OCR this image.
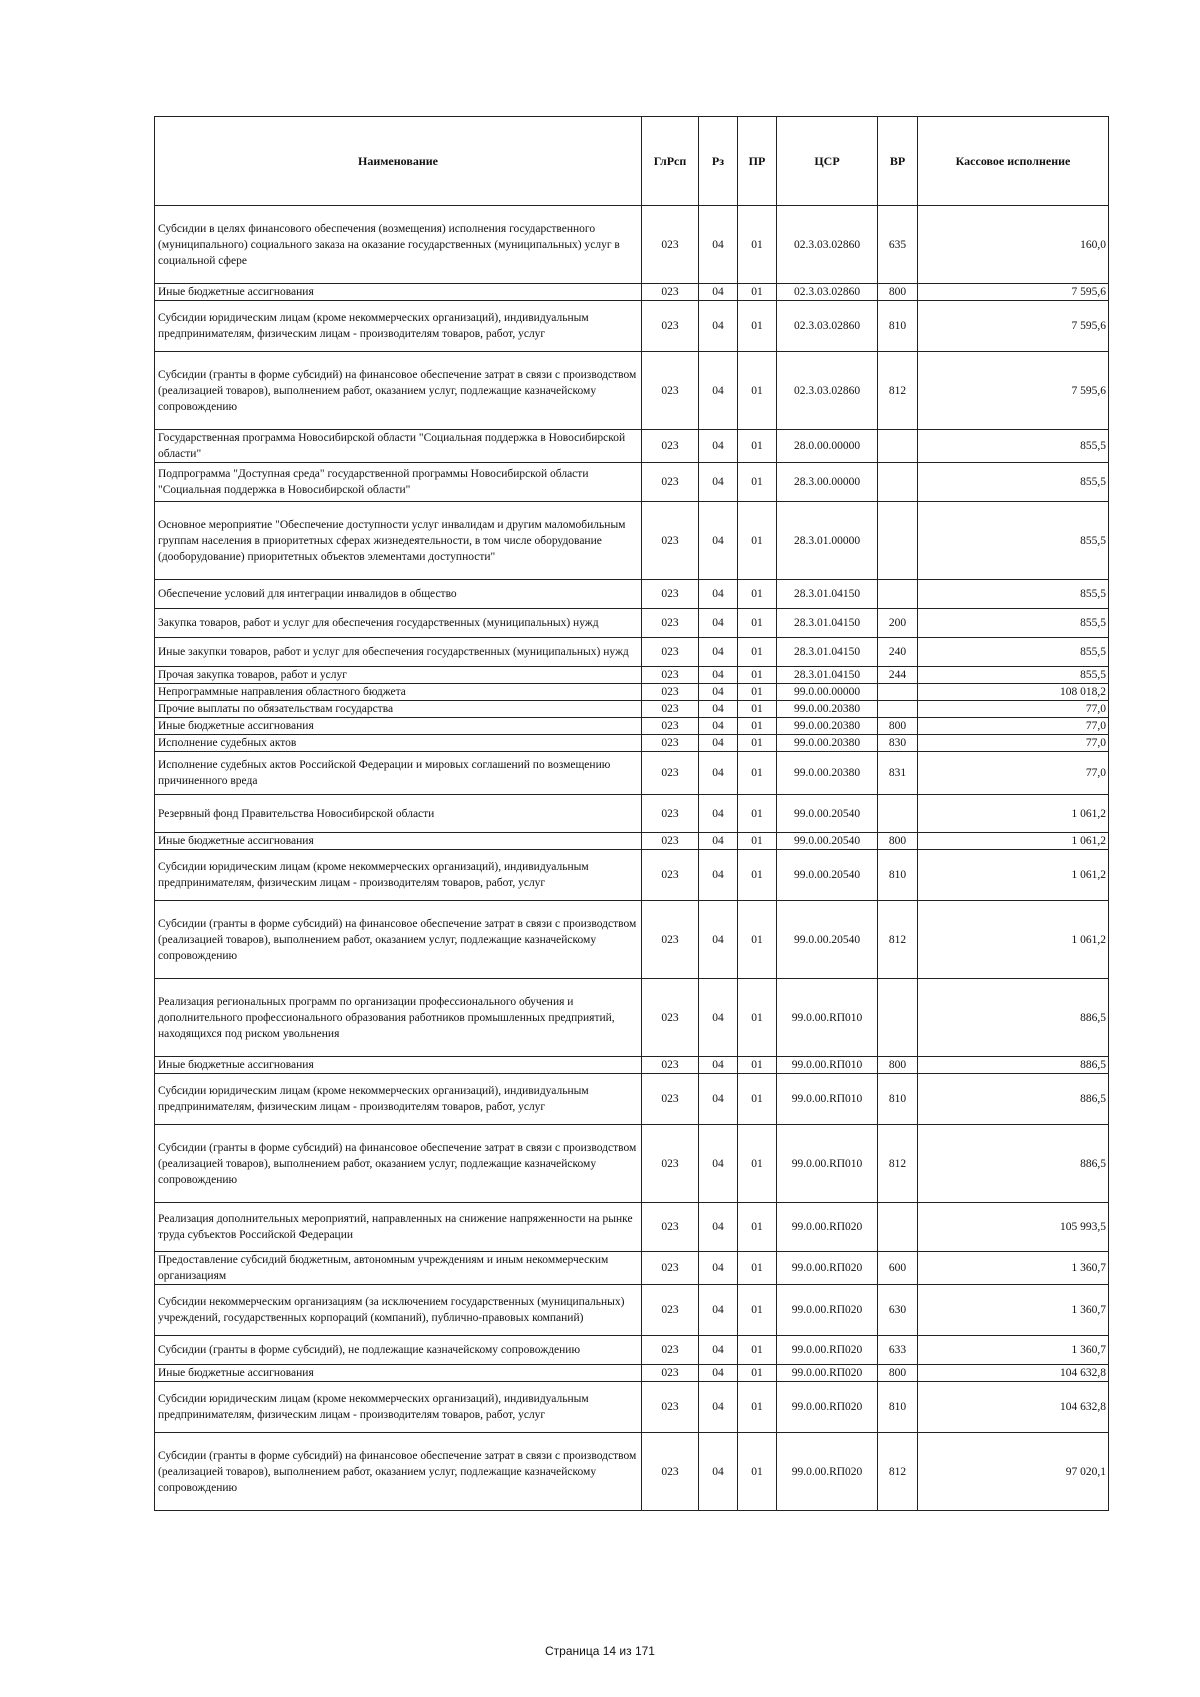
Наименование	ГлРсп	Рз	ПР	ЦСР	ВР	Кассовое исполнение
Субсидии в целях финансового обеспечения (возмещения) исполнения государственного (муниципального) социального заказа на оказание государственных (муниципальных) услуг в социальной сфере	023	04	01	02.3.03.02860	635	160,0
Иные бюджетные ассигнования	023	04	01	02.3.03.02860	800	7 595,6
Субсидии юридическим лицам (кроме некоммерческих организаций), индивидуальным предпринимателям, физическим лицам - производителям товаров, работ, услуг	023	04	01	02.3.03.02860	810	7 595,6
Субсидии (гранты в форме субсидий) на финансовое обеспечение затрат в связи с производством (реализацией товаров), выполнением работ, оказанием услуг, подлежащие казначейскому сопровождению	023	04	01	02.3.03.02860	812	7 595,6
Государственная программа Новосибирской области "Социальная поддержка в Новосибирской области"	023	04	01	28.0.00.00000		855,5
Подпрограмма "Доступная среда" государственной программы Новосибирской области "Социальная поддержка в Новосибирской области"	023	04	01	28.3.00.00000		855,5
Основное мероприятие "Обеспечение доступности услуг инвалидам и другим маломобильным группам населения в приоритетных сферах жизнедеятельности, в том числе оборудование (дооборудование) приоритетных объектов элементами доступности"	023	04	01	28.3.01.00000		855,5
Обеспечение условий для интеграции инвалидов в общество	023	04	01	28.3.01.04150		855,5
Закупка товаров, работ и услуг для обеспечения государственных (муниципальных) нужд	023	04	01	28.3.01.04150	200	855,5
Иные закупки товаров, работ и услуг для обеспечения государственных (муниципальных) нужд	023	04	01	28.3.01.04150	240	855,5
Прочая закупка товаров, работ и услуг	023	04	01	28.3.01.04150	244	855,5
Непрограммные направления областного бюджета	023	04	01	99.0.00.00000		108 018,2
Прочие выплаты по обязательствам государства	023	04	01	99.0.00.20380		77,0
Иные бюджетные ассигнования	023	04	01	99.0.00.20380	800	77,0
Исполнение судебных актов	023	04	01	99.0.00.20380	830	77,0
Исполнение судебных актов Российской Федерации и мировых соглашений по возмещению причиненного вреда	023	04	01	99.0.00.20380	831	77,0
Резервный фонд Правительства Новосибирской области	023	04	01	99.0.00.20540		1 061,2
Иные бюджетные ассигнования	023	04	01	99.0.00.20540	800	1 061,2
Субсидии юридическим лицам (кроме некоммерческих организаций), индивидуальным предпринимателям, физическим лицам - производителям товаров, работ, услуг	023	04	01	99.0.00.20540	810	1 061,2
Субсидии (гранты в форме субсидий) на финансовое обеспечение затрат в связи с производством (реализацией товаров), выполнением работ, оказанием услуг, подлежащие казначейскому сопровождению	023	04	01	99.0.00.20540	812	1 061,2
Реализация региональных программ по организации профессионального обучения и дополнительного профессионального образования работников промышленных предприятий, находящихся под риском увольнения	023	04	01	99.0.00.RП010		886,5
Иные бюджетные ассигнования	023	04	01	99.0.00.RП010	800	886,5
Субсидии юридическим лицам (кроме некоммерческих организаций), индивидуальным предпринимателям, физическим лицам - производителям товаров, работ, услуг	023	04	01	99.0.00.RП010	810	886,5
Субсидии (гранты в форме субсидий) на финансовое обеспечение затрат в связи с производством (реализацией товаров), выполнением работ, оказанием услуг, подлежащие казначейскому сопровождению	023	04	01	99.0.00.RП010	812	886,5
Реализация дополнительных мероприятий, направленных на снижение напряженности на рынке труда субъектов Российской Федерации	023	04	01	99.0.00.RП020		105 993,5
Предоставление субсидий бюджетным, автономным учреждениям и иным некоммерческим организациям	023	04	01	99.0.00.RП020	600	1 360,7
Субсидии некоммерческим организациям (за исключением государственных (муниципальных) учреждений, государственных корпораций (компаний), публично-правовых компаний)	023	04	01	99.0.00.RП020	630	1 360,7
Субсидии (гранты в форме субсидий), не подлежащие казначейскому сопровождению	023	04	01	99.0.00.RП020	633	1 360,7
Иные бюджетные ассигнования	023	04	01	99.0.00.RП020	800	104 632,8
Субсидии юридическим лицам (кроме некоммерческих организаций), индивидуальным предпринимателям, физическим лицам - производителям товаров, работ, услуг	023	04	01	99.0.00.RП020	810	104 632,8
Субсидии (гранты в форме субсидий) на финансовое обеспечение затрат в связи с производством (реализацией товаров), выполнением работ, оказанием услуг, подлежащие казначейскому сопровождению	023	04	01	99.0.00.RП020	812	97 020,1
Страница 14 из 171
